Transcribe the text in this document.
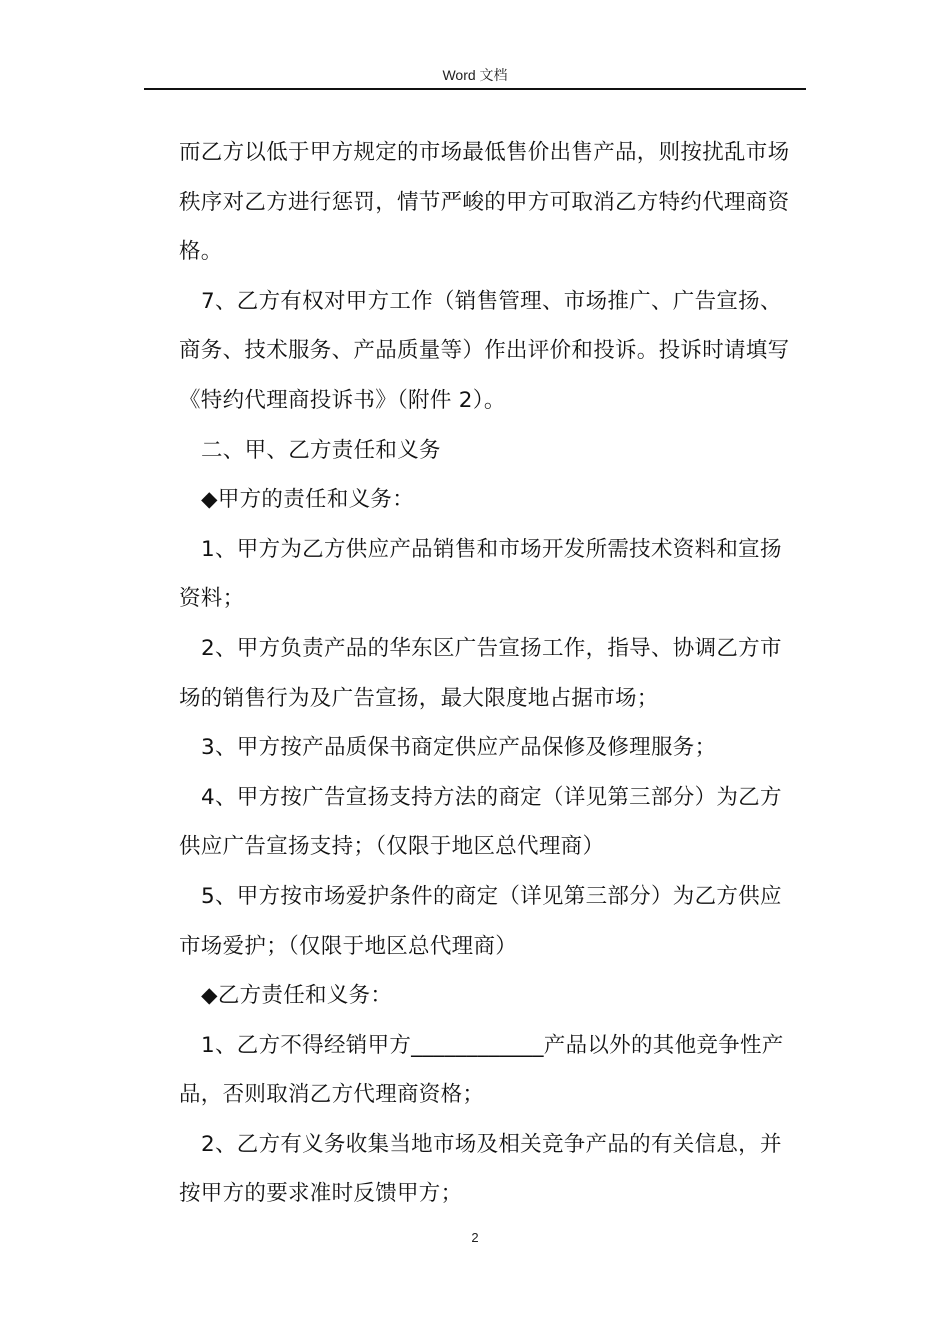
Word 文档

而乙方以低于甲方规定的市场最低售价出售产品，则按扰乱市场秩序对乙方进行惩罚，情节严峻的甲方可取消乙方特约代理商资格。

7、乙方有权对甲方工作（销售管理、市场推广、广告宣扬、商务、技术服务、产品质量等）作出评价和投诉。投诉时请填写《特约代理商投诉书》（附件 2）。

二、甲、乙方责任和义务

◆甲方的责任和义务：

1、甲方为乙方供应产品销售和市场开发所需技术资料和宣扬资料；

2、甲方负责产品的华东区广告宣扬工作，指导、协调乙方市场的销售行为及广告宣扬，最大限度地占据市场；

3、甲方按产品质保书商定供应产品保修及修理服务；

4、甲方按广告宣扬支持方法的商定（详见第三部分）为乙方供应广告宣扬支持；（仅限于地区总代理商）

5、甲方按市场爱护条件的商定（详见第三部分）为乙方供应市场爱护；（仅限于地区总代理商）

◆乙方责任和义务：

1、乙方不得经销甲方____________产品以外的其他竞争性产品，否则取消乙方代理商资格；

2、乙方有义务收集当地市场及相关竞争产品的有关信息，并按甲方的要求准时反馈甲方；

2
